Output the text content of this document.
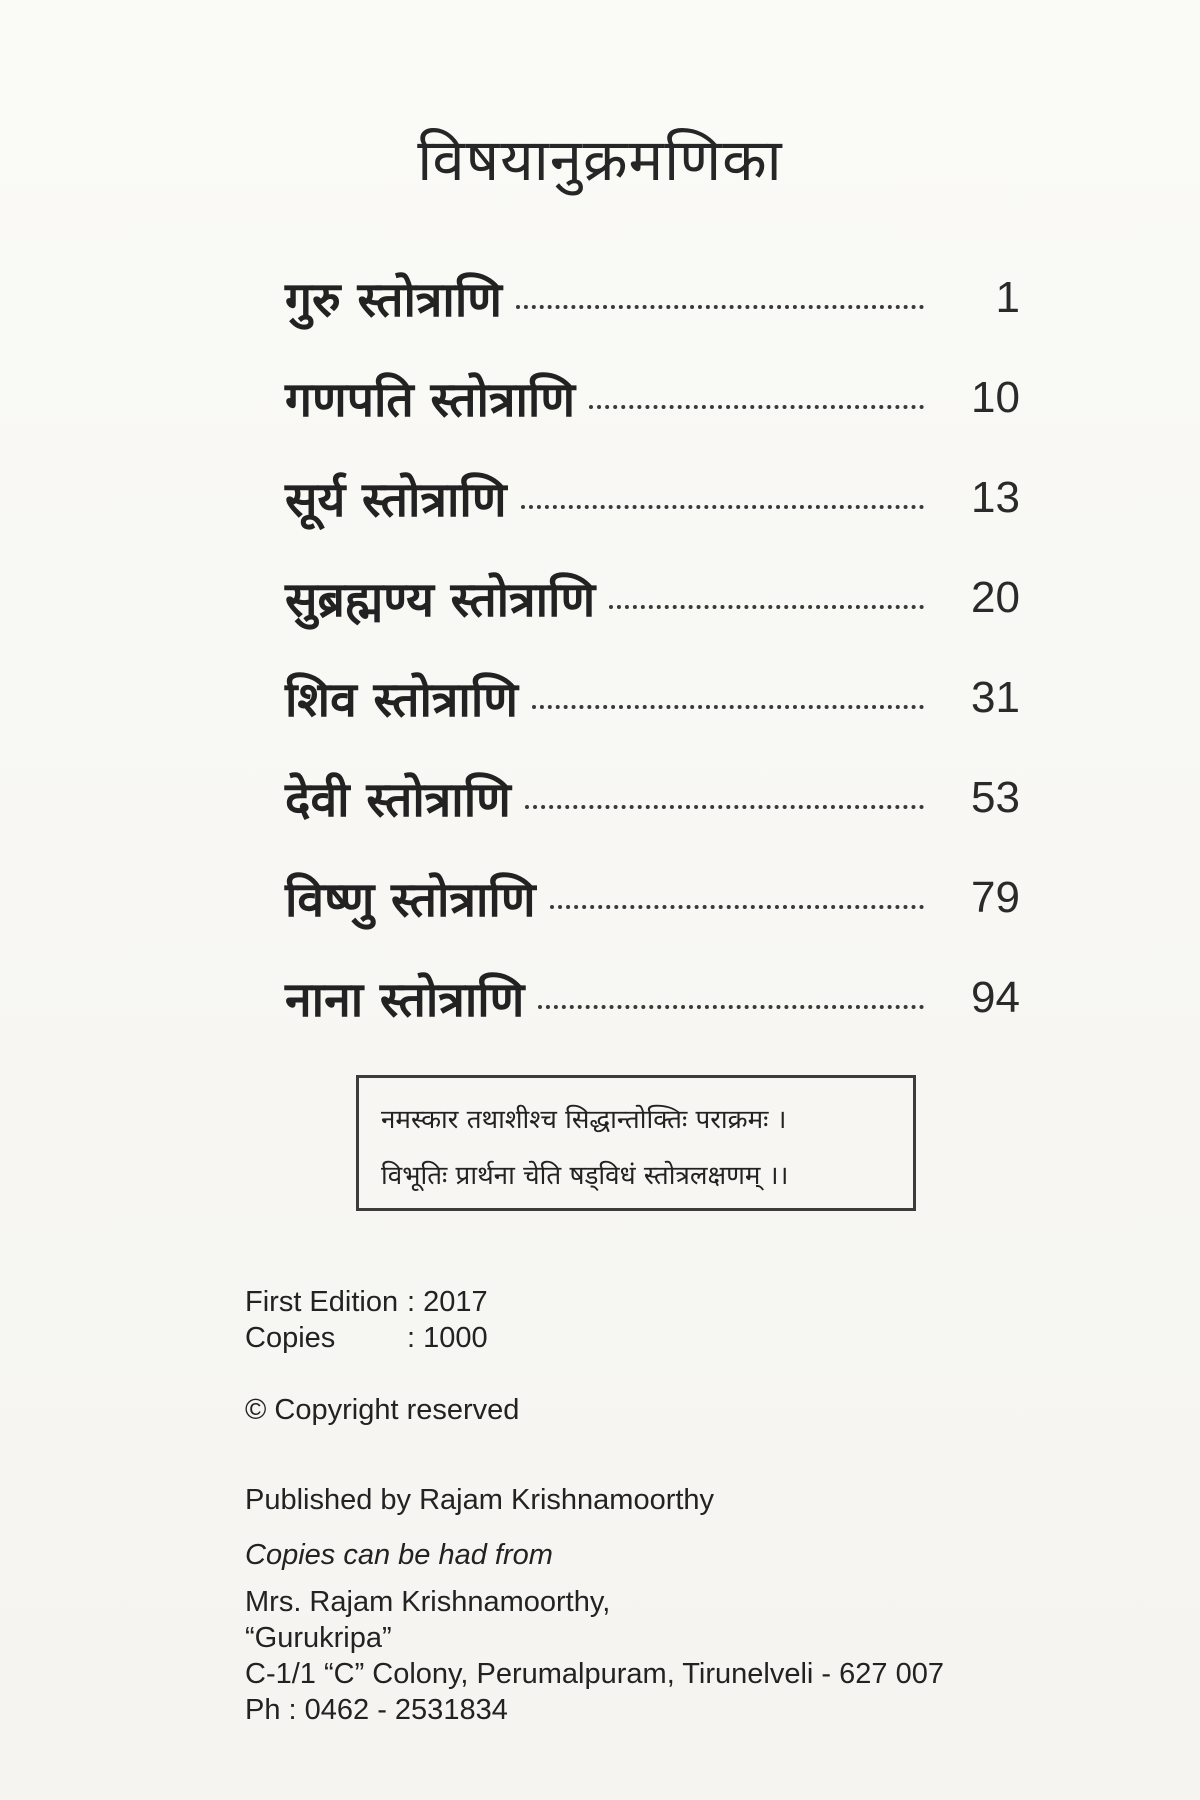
विषयानुक्रमणिका
गुरु स्तोत्राणि	1
गणपति स्तोत्राणि	10
सूर्य स्तोत्राणि	13
सुब्रह्मण्य स्तोत्राणि	20
शिव स्तोत्राणि	31
देवी स्तोत्राणि	53
विष्णु स्तोत्राणि	79
नाना स्तोत्राणि	94
नमस्कार तथाशीश्च सिद्धान्तोक्तिः पराक्रमः ।
विभूतिः प्रार्थना चेति षड्विधं स्तोत्रलक्षणम् ।।
First Edition : 2017
Copies	: 1000
© Copyright reserved
Published by Rajam Krishnamoorthy
Copies can be had from
Mrs. Rajam Krishnamoorthy,
“Gurukripa”
C-1/1 “C” Colony, Perumalpuram, Tirunelveli - 627 007
Ph : 0462 - 2531834
